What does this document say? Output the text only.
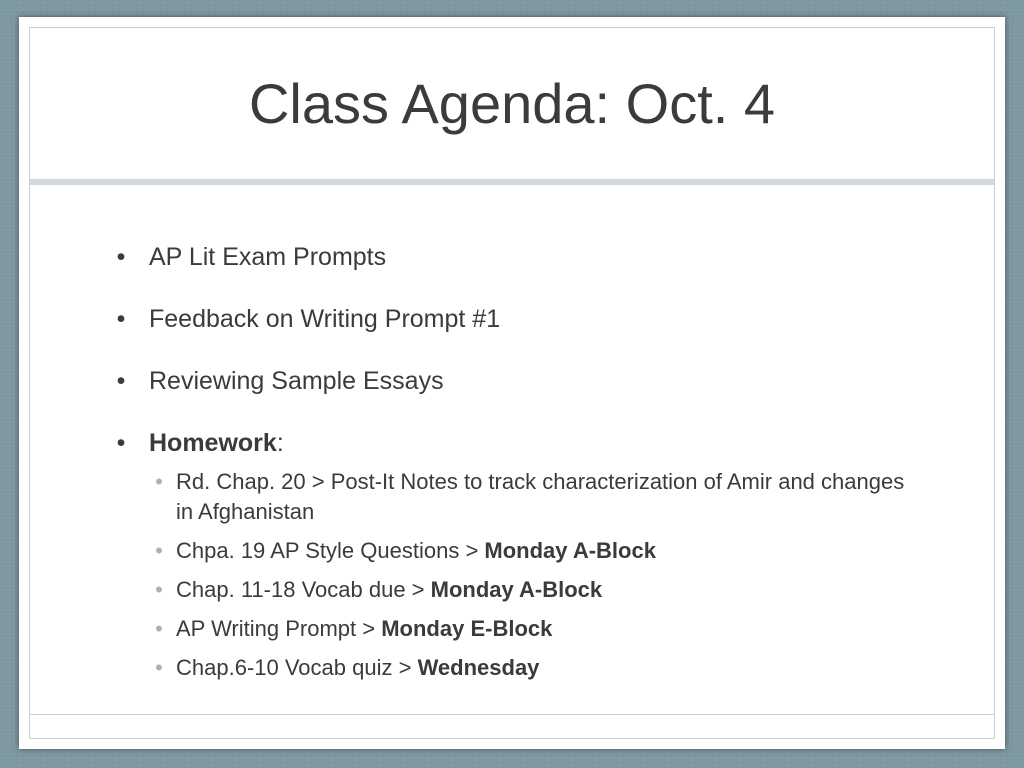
Class Agenda: Oct. 4
• AP Lit Exam Prompts
• Feedback on Writing Prompt #1
• Reviewing Sample Essays
• Homework:
• Rd. Chap. 20 > Post-It Notes to track characterization of Amir and changes in Afghanistan
• Chpa. 19 AP Style Questions > Monday A-Block
• Chap. 11-18 Vocab due > Monday A-Block
• AP Writing Prompt > Monday E-Block
• Chap.6-10 Vocab quiz > Wednesday
